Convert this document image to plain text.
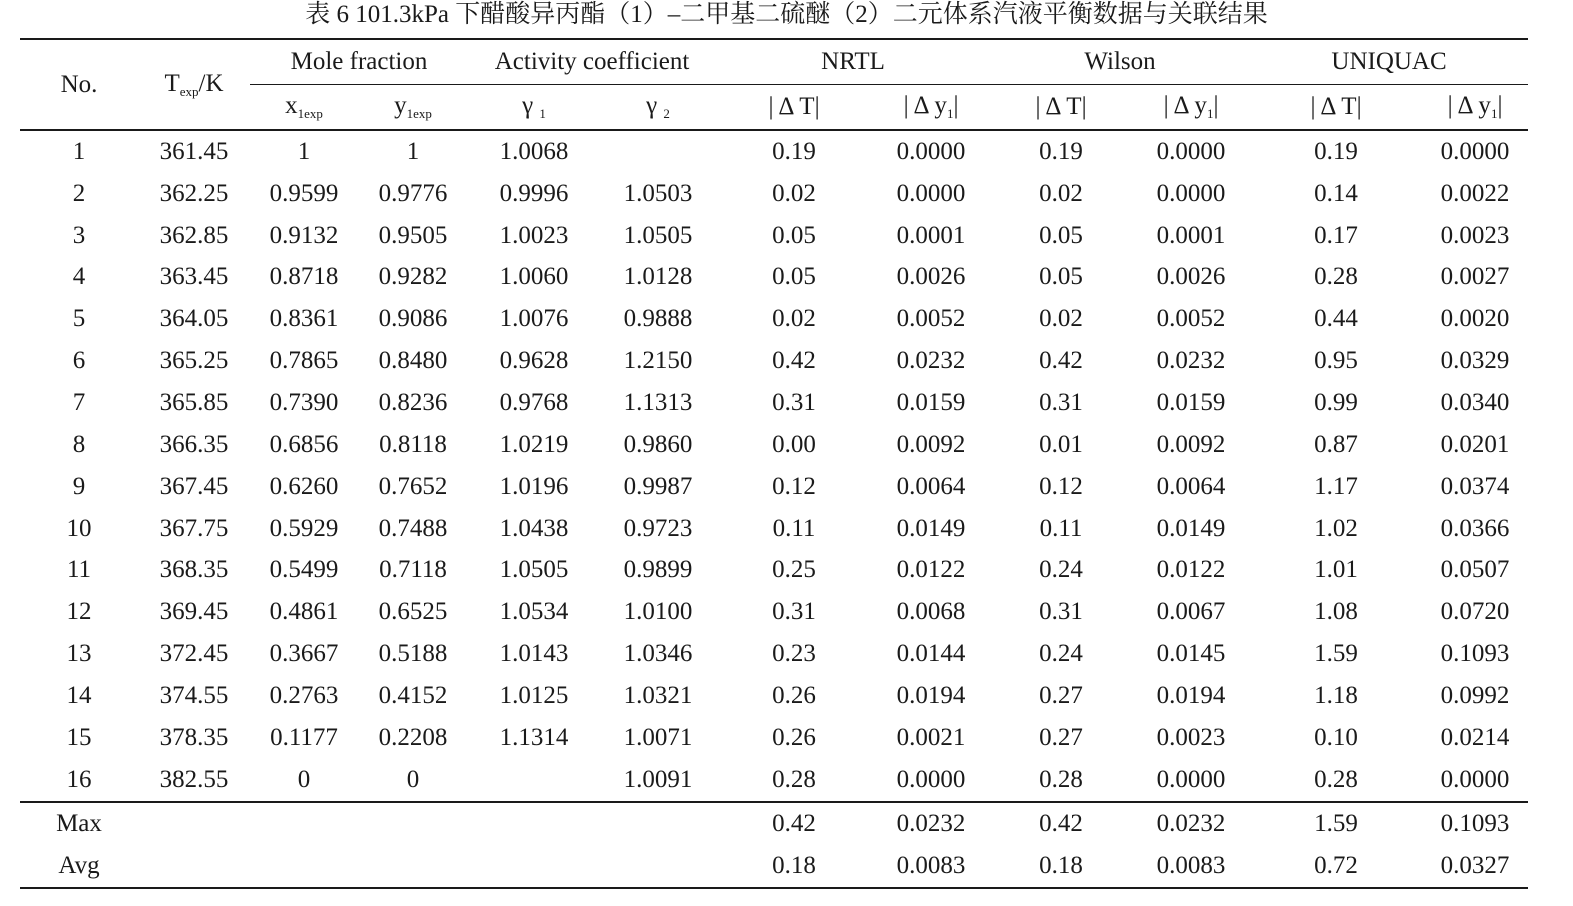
表 6 101.3kPa 下醋酸异丙酯（1）–二甲基二硫醚（2）二元体系汽液平衡数据与关联结果
No.	$T_{exp}/K$	Mole fraction		Activity coefficient		NRTL		Wilson		UNIQUAC	
		$x_{1exp}$	$y_{1exp}$	γ $_1$	γ $_2$	| Δ T|	| Δ $y_1|$	| Δ T|	| Δ $y_1|$	| Δ T|	| Δ $y_1|$
1	361.45	1	1	1.0068		0.19	0.0000	0.19	0.0000	0.19	0.0000
2	362.25	0.9599	0.9776	0.9996	1.0503	0.02	0.0000	0.02	0.0000	0.14	0.0022
3	362.85	0.9132	0.9505	1.0023	1.0505	0.05	0.0001	0.05	0.0001	0.17	0.0023
4	363.45	0.8718	0.9282	1.0060	1.0128	0.05	0.0026	0.05	0.0026	0.28	0.0027
5	364.05	0.8361	0.9086	1.0076	0.9888	0.02	0.0052	0.02	0.0052	0.44	0.0020
6	365.25	0.7865	0.8480	0.9628	1.2150	0.42	0.0232	0.42	0.0232	0.95	0.0329
7	365.85	0.7390	0.8236	0.9768	1.1313	0.31	0.0159	0.31	0.0159	0.99	0.0340
8	366.35	0.6856	0.8118	1.0219	0.9860	0.00	0.0092	0.01	0.0092	0.87	0.0201
9	367.45	0.6260	0.7652	1.0196	0.9987	0.12	0.0064	0.12	0.0064	1.17	0.0374
10	367.75	0.5929	0.7488	1.0438	0.9723	0.11	0.0149	0.11	0.0149	1.02	0.0366
11	368.35	0.5499	0.7118	1.0505	0.9899	0.25	0.0122	0.24	0.0122	1.01	0.0507
12	369.45	0.4861	0.6525	1.0534	1.0100	0.31	0.0068	0.31	0.0067	1.08	0.0720
13	372.45	0.3667	0.5188	1.0143	1.0346	0.23	0.0144	0.24	0.0145	1.59	0.1093
14	374.55	0.2763	0.4152	1.0125	1.0321	0.26	0.0194	0.27	0.0194	1.18	0.0992
15	378.35	0.1177	0.2208	1.1314	1.0071	0.26	0.0021	0.27	0.0023	0.10	0.0214
16	382.55	0	0		1.0091	0.28	0.0000	0.28	0.0000	0.28	0.0000
Max						0.42	0.0232	0.42	0.0232	1.59	0.1093
Avg						0.18	0.0083	0.18	0.0083	0.72	0.0327
